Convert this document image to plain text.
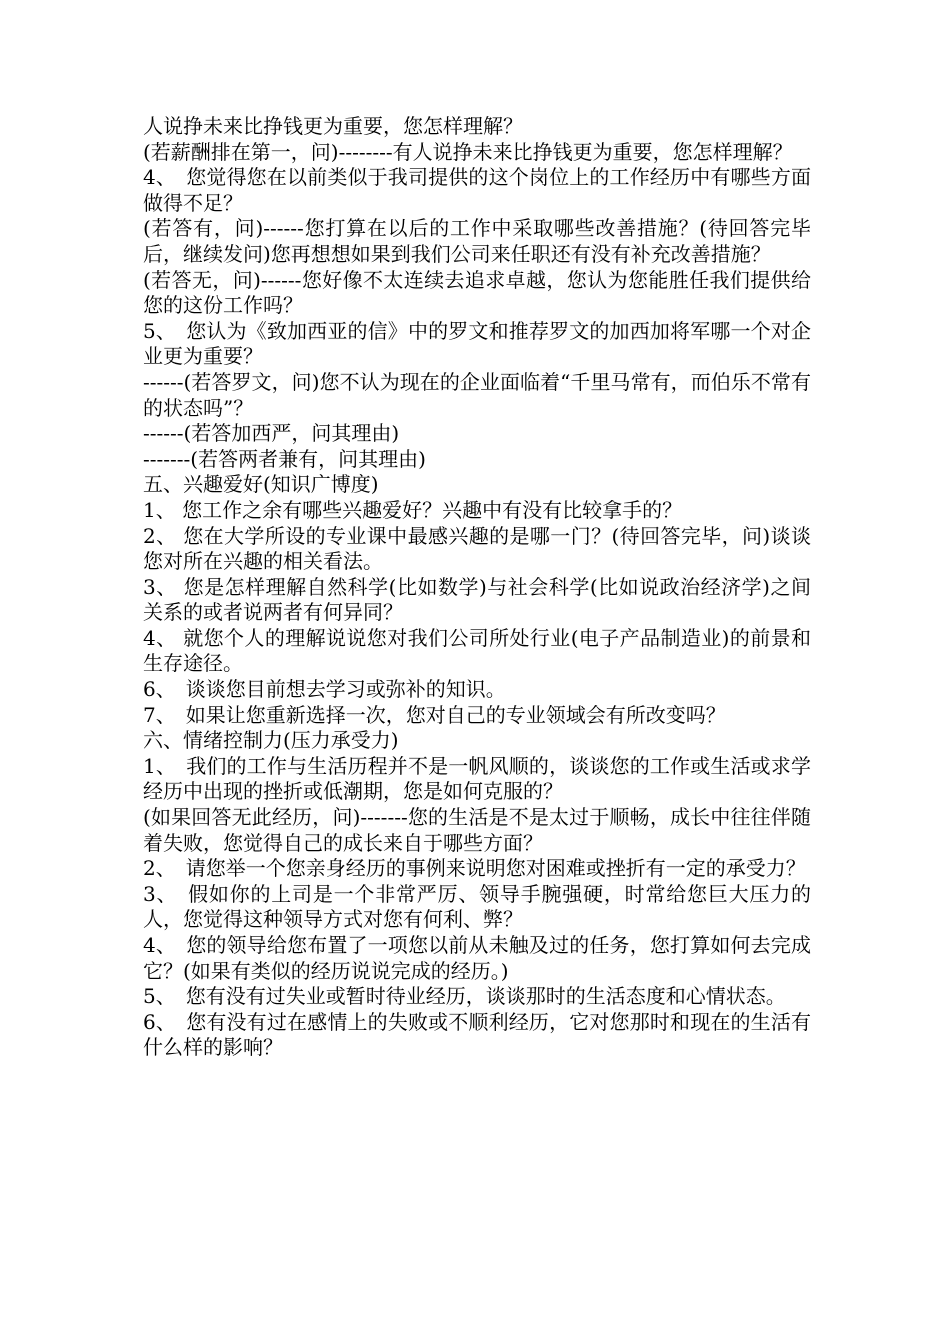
人说挣未来比挣钱更为重要，您怎样理解？

(若薪酬排在第一，问)--------有人说挣未来比挣钱更为重要，您怎样理解？

4、　您觉得您在以前类似于我司提供的这个岗位上的工作经历中有哪些方面做得不足？

(若答有，问)------您打算在以后的工作中采取哪些改善措施？(待回答完毕后，继续发问)您再想想如果到我们公司来任职还有没有补充改善措施？

(若答无，问)------您好像不太连续去追求卓越，您认为您能胜任我们提供给您的这份工作吗？

5、　您认为《致加西亚的信》中的罗文和推荐罗文的加西加将军哪一个对企业更为重要？

------(若答罗文，问)您不认为现在的企业面临着“千里马常有，而伯乐不常有的状态吗”？

------(若答加西严，问其理由)

-------(若答两者兼有，问其理由)

五、兴趣爱好(知识广博度)

1、 您工作之余有哪些兴趣爱好？兴趣中有没有比较拿手的？

2、 您在大学所设的专业课中最感兴趣的是哪一门？(待回答完毕，问)谈谈您对所在兴趣的相关看法。

3、 您是怎样理解自然科学(比如数学)与社会科学(比如说政治经济学)之间关系的或者说两者有何异同？

4、 就您个人的理解说说您对我们公司所处行业(电子产品制造业)的前景和生存途径。

6、　谈谈您目前想去学习或弥补的知识。

7、　如果让您重新选择一次，您对自己的专业领域会有所改变吗？

六、情绪控制力(压力承受力)

1、　我们的工作与生活历程并不是一帆风顺的，谈谈您的工作或生活或求学经历中出现的挫折或低潮期，您是如何克服的？

(如果回答无此经历，问)-------您的生活是不是太过于顺畅，成长中往往伴随着失败，您觉得自己的成长来自于哪些方面？

2、　请您举一个您亲身经历的事例来说明您对困难或挫折有一定的承受力？

3、　假如你的上司是一个非常严厉、领导手腕强硬，时常给您巨大压力的人，您觉得这种领导方式对您有何利、弊？

4、　您的领导给您布置了一项您以前从未触及过的任务，您打算如何去完成它？(如果有类似的经历说说完成的经历。)

5、　您有没有过失业或暂时待业经历，谈谈那时的生活态度和心情状态。

6、　您有没有过在感情上的失败或不顺利经历，它对您那时和现在的生活有什么样的影响？
